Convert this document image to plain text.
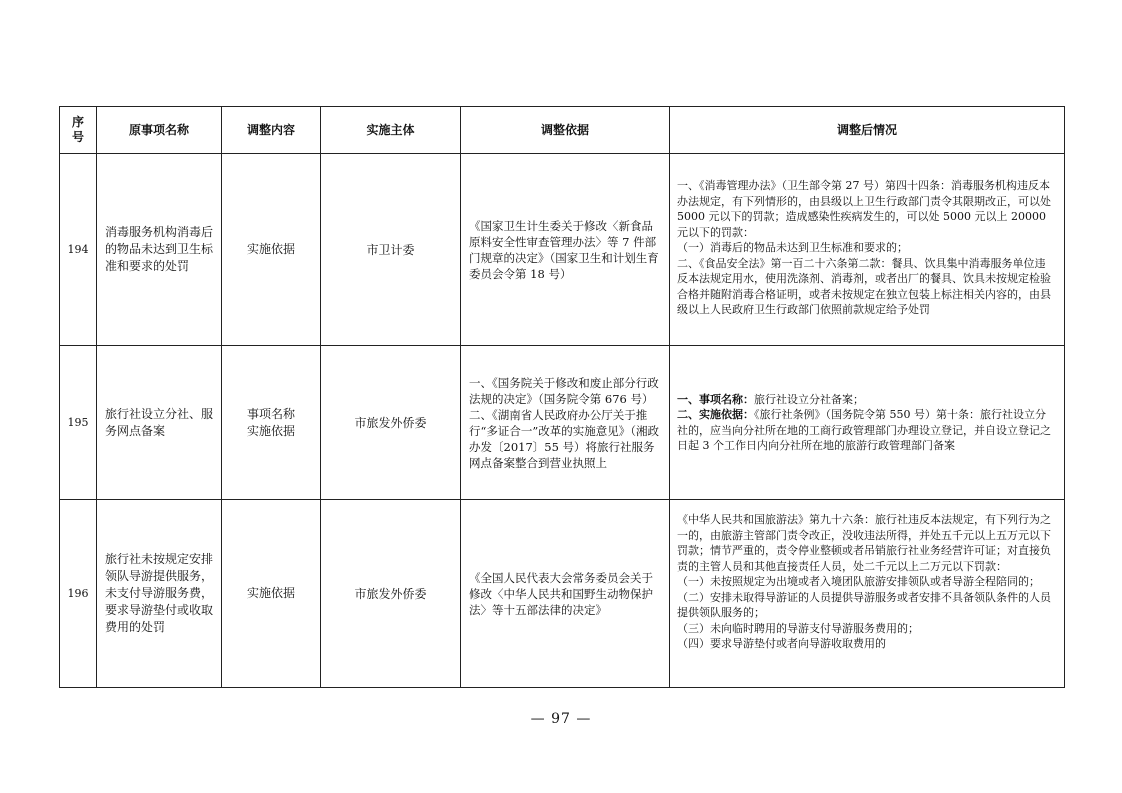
序号	原事项名称	调整内容	实施主体	调整依据	调整后情况
194	消毒服务机构消毒后的物品未达到卫生标准和要求的处罚	实施依据	市卫计委	《国家卫生计生委关于修改〈新食品原料安全性审查管理办法〉等 7 件部门规章的决定》（国家卫生和计划生育委员会令第 18 号）	一、《消毒管理办法》（卫生部令第 27 号）第四十四条：消毒服务机构违反本办法规定，有下列情形的，由县级以上卫生行政部门责令其限期改正，可以处 5000 元以下的罚款；造成感染性疾病发生的，可以处 5000 元以上 20000 元以下的罚款：
（一）消毒后的物品未达到卫生标准和要求的；
二、《食品安全法》第一百二十六条第二款：餐具、饮具集中消毒服务单位违反本法规定用水，使用洗涤剂、消毒剂，或者出厂的餐具、饮具未按规定检验合格并随附消毒合格证明，或者未按规定在独立包装上标注相关内容的，由县级以上人民政府卫生行政部门依照前款规定给予处罚

195	旅行社设立分社、服务网点备案	事项名称
实施依据	市旅发外侨委	一、《国务院关于修改和废止部分行政法规的决定》（国务院令第 676 号）二、《湖南省人民政府办公厅关于推行“多证合一”改革的实施意见》（湘政办发〔2017〕55 号）将旅行社服务网点备案整合到营业执照上	一、事项名称：旅行社设立分社备案；
二、实施依据：《旅行社条例》（国务院令第 550 号）第十条：旅行社设立分社的，应当向分社所在地的工商行政管理部门办理设立登记，并自设立登记之日起 3 个工作日内向分社所在地的旅游行政管理部门备案

196	旅行社未按规定安排领队导游提供服务，未支付导游服务费，要求导游垫付或收取费用的处罚	实施依据	市旅发外侨委	《全国人民代表大会常务委员会关于修改〈中华人民共和国野生动物保护法〉等十五部法律的决定》	《中华人民共和国旅游法》第九十六条：旅行社违反本法规定，有下列行为之一的，由旅游主管部门责令改正，没收违法所得，并处五千元以上五万元以下罚款；情节严重的，责令停业整顿或者吊销旅行社业务经营许可证；对直接负责的主管人员和其他直接责任人员，处二千元以上二万元以下罚款：
（一）未按照规定为出境或者入境团队旅游安排领队或者导游全程陪同的；
（二）安排未取得导游证的人员提供导游服务或者安排不具备领队条件的人员提供领队服务的；
（三）未向临时聘用的导游支付导游服务费用的；
（四）要求导游垫付或者向导游收取费用的
— 97 —
